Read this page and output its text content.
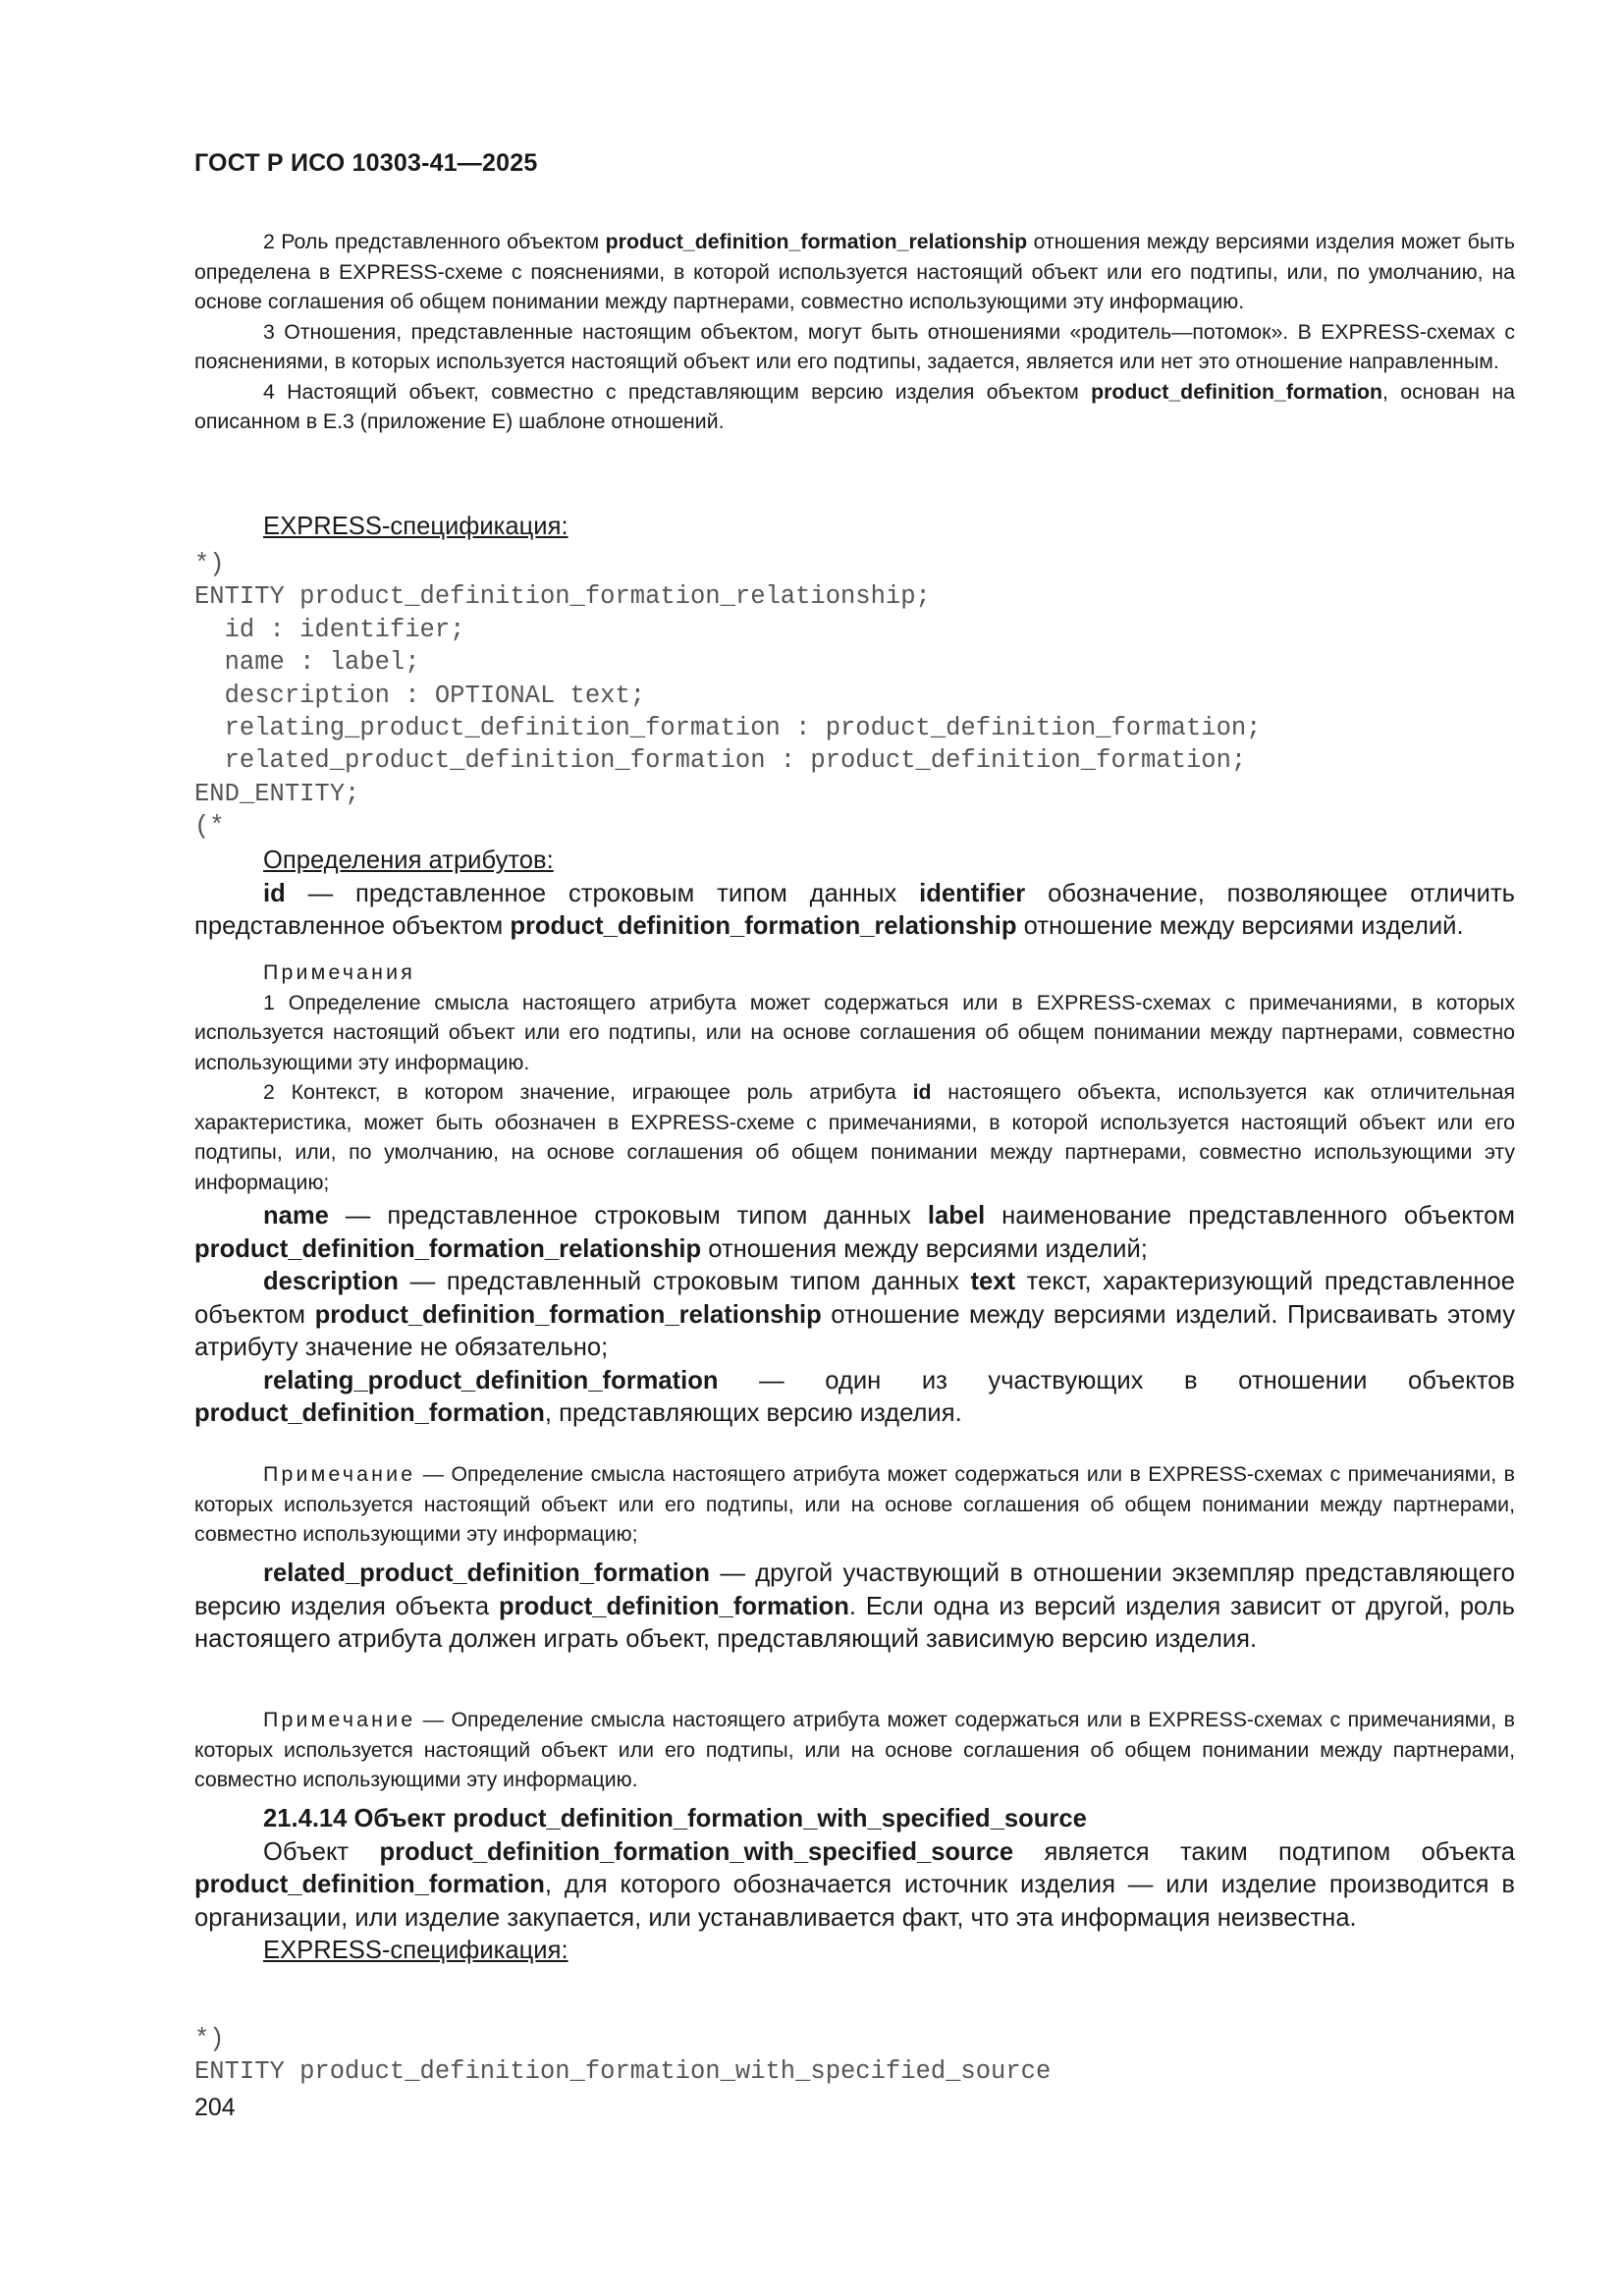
ГОСТ Р ИСО 10303-41—2025

2 Роль представленного объектом product_definition_formation_relationship отношения между версиями изделия может быть определена в EXPRESS-схеме с пояснениями, в которой используется настоящий объект или его подтипы, или, по умолчанию, на основе соглашения об общем понимании между партнерами, совместно использующими эту информацию.

3 Отношения, представленные настоящим объектом, могут быть отношениями «родитель—потомок». В EXPRESS-схемах с пояснениями, в которых используется настоящий объект или его подтипы, задается, является или нет это отношение направленным.

4 Настоящий объект, совместно с представляющим версию изделия объектом product_definition_formation, основан на описанном в Е.3 (приложение Е) шаблоне отношений.

EXPRESS-спецификация:

*)
ENTITY product_definition_formation_relationship;
id : identifier;
name : label;
description : OPTIONAL text;
relating_product_definition_formation : product_definition_formation;
related_product_definition_formation : product_definition_formation;
END_ENTITY;
(*

Определения атрибутов:

id — представленное строковым типом данных identifier обозначение, позволяющее отличить представленное объектом product_definition_formation_relationship отношение между версиями изделий.

Примечания

1 Определение смысла настоящего атрибута может содержаться или в EXPRESS-схемах с примечаниями, в которых используется настоящий объект или его подтипы, или на основе соглашения об общем понимании между партнерами, совместно использующими эту информацию.

2 Контекст, в котором значение, играющее роль атрибута id настоящего объекта, используется как отличительная характеристика, может быть обозначен в EXPRESS-схеме с примечаниями, в которой используется настоящий объект или его подтипы, или, по умолчанию, на основе соглашения об общем понимании между партнерами, совместно использующими эту информацию;

name — представленное строковым типом данных label наименование представленного объектом product_definition_formation_relationship отношения между версиями изделий;

description — представленный строковым типом данных text текст, характеризующий представленное объектом product_definition_formation_relationship отношение между версиями изделий. Присваивать этому атрибуту значение не обязательно;

relating_product_definition_formation — один из участвующих в отношении объектов product_definition_formation, представляющих версию изделия.

Примечание — Определение смысла настоящего атрибута может содержаться или в EXPRESS-схемах с примечаниями, в которых используется настоящий объект или его подтипы, или на основе соглашения об общем понимании между партнерами, совместно использующими эту информацию;

related_product_definition_formation — другой участвующий в отношении экземпляр представляющего версию изделия объекта product_definition_formation. Если одна из версий изделия зависит от другой, роль настоящего атрибута должен играть объект, представляющий зависимую версию изделия.

Примечание — Определение смысла настоящего атрибута может содержаться или в EXPRESS-схемах с примечаниями, в которых используется настоящий объект или его подтипы, или на основе соглашения об общем понимании между партнерами, совместно использующими эту информацию.

21.4.14 Объект product_definition_formation_with_specified_source

Объект product_definition_formation_with_specified_source является таким подтипом объекта product_definition_formation, для которого обозначается источник изделия — или изделие производится в организации, или изделие закупается, или устанавливается факт, что эта информация неизвестна.

EXPRESS-спецификация:

*)
ENTITY product_definition_formation_with_specified_source
204
